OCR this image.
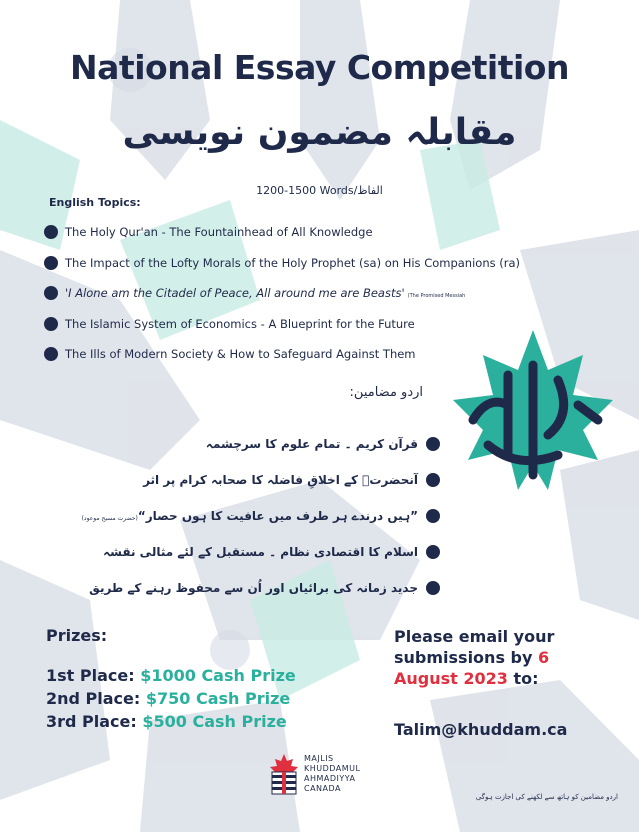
National Essay Competition
مقابلہ مضمون نویسی
1200-1500 Words/الفاظ
English Topics:
The Holy Qur'an - The Fountainhead of All Knowledge
The Impact of the Lofty Morals of the Holy Prophet (sa) on His Companions (ra)
'I Alone am the Citadel of Peace, All around me are Beasts' (The Promised Messiah
The Islamic System of Economics - A Blueprint for the Future
The Ills of Modern Society & How to Safeguard Against Them
اردو مضامین:
قرآن کریم ۔ تمام علوم کا سرچشمہ
آنحضرتؐ کے اخلاقِ فاضلہ کا صحابہ کرام پر اثر
”ہیں درندے ہر طرف میں عافیت کا ہوں حصار“(حضرت مسیح موعود)
اسلام کا اقتصادی نظام ۔ مستقبل کے لئے مثالی نقشہ
جدید زمانہ کی برائیاں اور اُن سے محفوظ رہنے کے طریق
Prizes:
1st Place: $1000 Cash Prize
2nd Place: $750 Cash Prize
3rd Place: $500 Cash Prize
Please email your submissions by 6
August 2023 to:
Talim@khuddam.ca
MAJLIS
KHUDDAMUL
AHMADIYYA
CANADA
اردو مضامین کو ہاتھ سے لکھنے کی اجازت ہوگی
